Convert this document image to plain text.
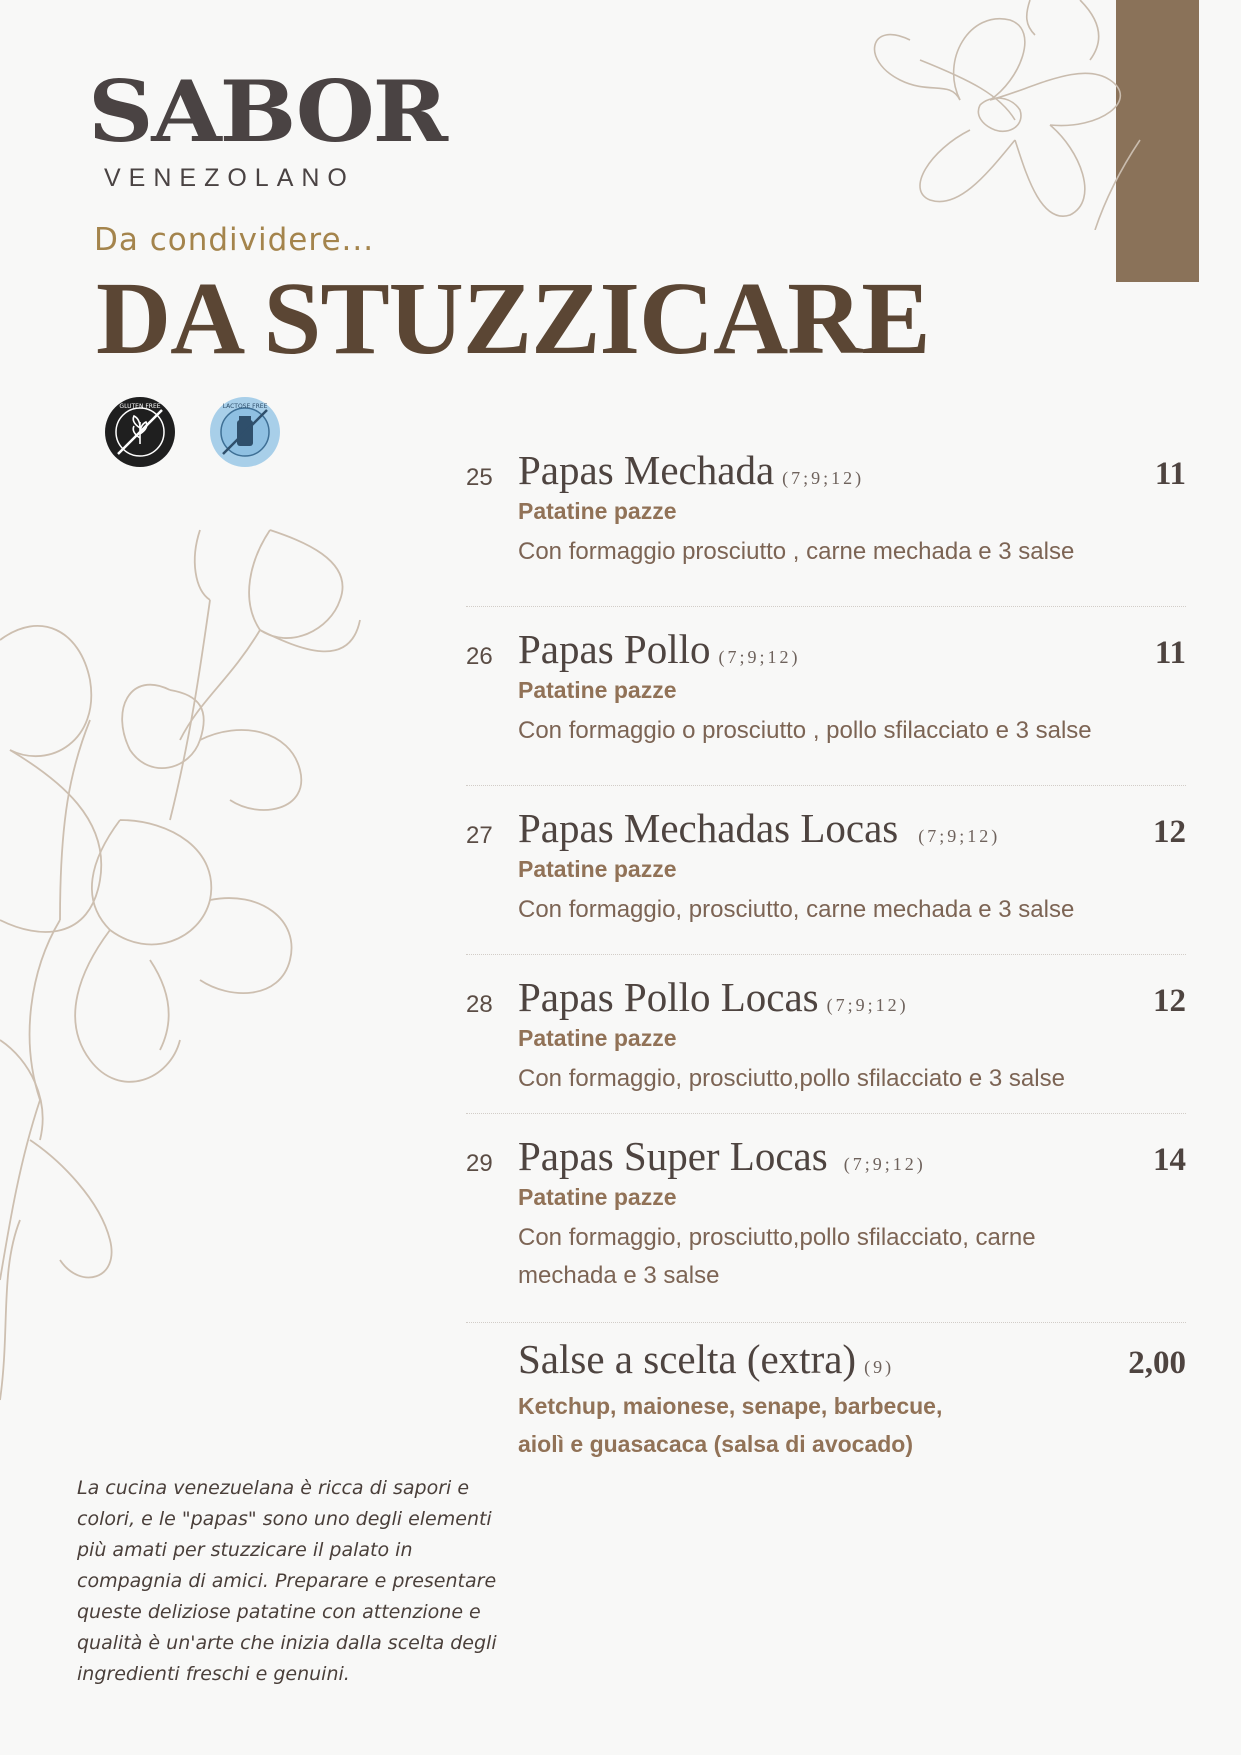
SABOR
VENEZOLANO
Da condividere...
DA STUZZICARE
GLUTEN FREE	LACTOSE FREE
25	11
Papas Mechada (7;9;12)
Patatine pazze
Con formaggio prosciutto , carne mechada e 3 salse
26	11
Papas Pollo (7;9;12)
Patatine pazze
Con formaggio o prosciutto , pollo sfilacciato e 3 salse
27	12
Papas Mechadas Locas (7;9;12)
Patatine pazze
Con formaggio, prosciutto, carne mechada e 3 salse
28	12
Papas Pollo Locas (7;9;12)
Patatine pazze
Con formaggio, prosciutto,pollo sfilacciato e 3 salse
29	14
Papas Super Locas (7;9;12)
Patatine pazze
Con formaggio, prosciutto,pollo sfilacciato, carne mechada e 3 salse
2,00
Salse a scelta (extra) (9)
Ketchup, maionese, senape, barbecue,
aiolì e guasacaca (salsa di avocado)
La cucina venezuelana è ricca di sapori e colori, e le "papas" sono uno degli elementi più amati per stuzzicare il palato in compagnia di amici. Preparare e presentare queste deliziose patatine con attenzione e qualità è un'arte che inizia dalla scelta degli ingredienti freschi e genuini.
